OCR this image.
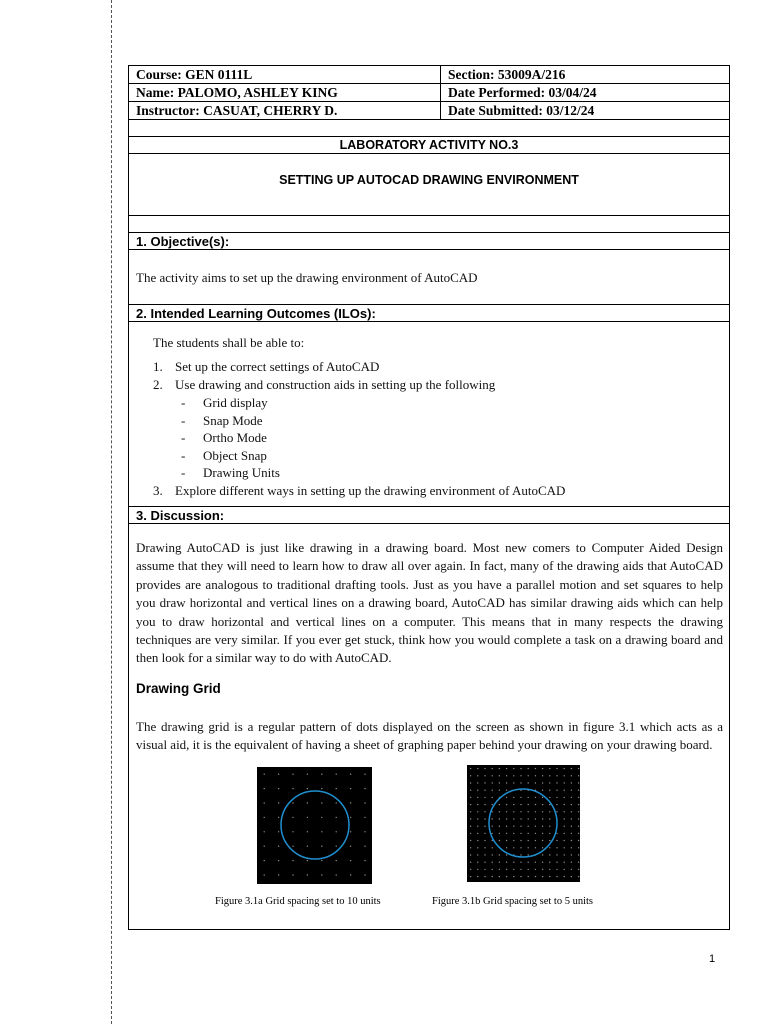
Course: GEN 0111L	Section: 53009A/216
Name: PALOMO, ASHLEY KING	Date Performed: 03/04/24
Instructor: CASUAT, CHERRY D.	Date Submitted: 03/12/24
LABORATORY ACTIVITY NO.3
SETTING UP AUTOCAD DRAWING ENVIRONMENT
1. Objective(s):
The activity aims to set up the drawing environment of AutoCAD
2. Intended Learning Outcomes (ILOs):
The students shall be able to:
1. Set up the correct settings of AutoCAD
2. Use drawing and construction aids in setting up the following
-	Grid display
-	Snap Mode
-	Ortho Mode
-	Object Snap
-	Drawing Units
3. Explore different ways in setting up the drawing environment of AutoCAD
3. Discussion:
Drawing AutoCAD is just like drawing in a drawing board. Most new comers to Computer Aided Design assume that they will need to learn how to draw all over again. In fact, many of the drawing aids that AutoCAD provides are analogous to traditional drafting tools. Just as you have a parallel motion and set squares to help you draw horizontal and vertical lines on a drawing board, AutoCAD has similar drawing aids which can help you to draw horizontal and vertical lines on a computer. This means that in many respects the drawing techniques are very similar. If you ever get stuck, think how you would complete a task on a drawing board and then look for a similar way to do with AutoCAD.
Drawing Grid
The drawing grid is a regular pattern of dots displayed on the screen as shown in figure 3.1 which acts as a visual aid, it is the equivalent of having a sheet of graphing paper behind your drawing on your drawing board.
Figure 3.1a Grid spacing set to 10 units	Figure 3.1b Grid spacing set to 5 units
1
